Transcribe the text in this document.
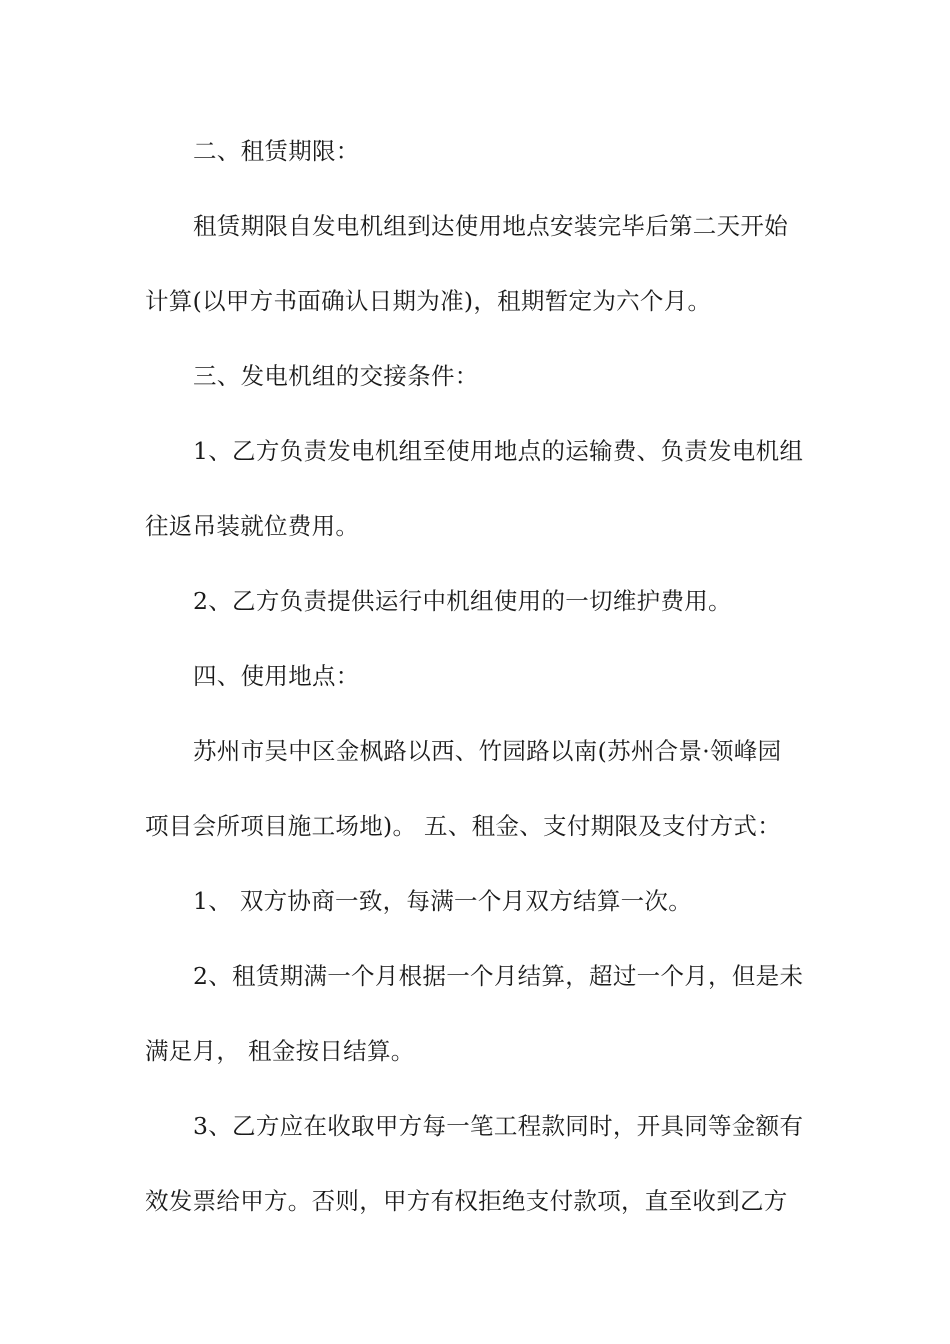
二、租赁期限：
租赁期限自发电机组到达使用地点安装完毕后第二天开始
计算(以甲方书面确认日期为准)，租期暂定为六个月。
三、发电机组的交接条件：
1、乙方负责发电机组至使用地点的运输费、负责发电机组
往返吊装就位费用。
2、乙方负责提供运行中机组使用的一切维护费用。
四、使用地点：
苏州市吴中区金枫路以西、竹园路以南(苏州合景·领峰园
项目会所项目施工场地)。 五、租金、支付期限及支付方式：
1、 双方协商一致，每满一个月双方结算一次。
2、租赁期满一个月根据一个月结算，超过一个月，但是未
满足月， 租金按日结算。
3、乙方应在收取甲方每一笔工程款同时，开具同等金额有
效发票给甲方。否则，甲方有权拒绝支付款项，直至收到乙方
